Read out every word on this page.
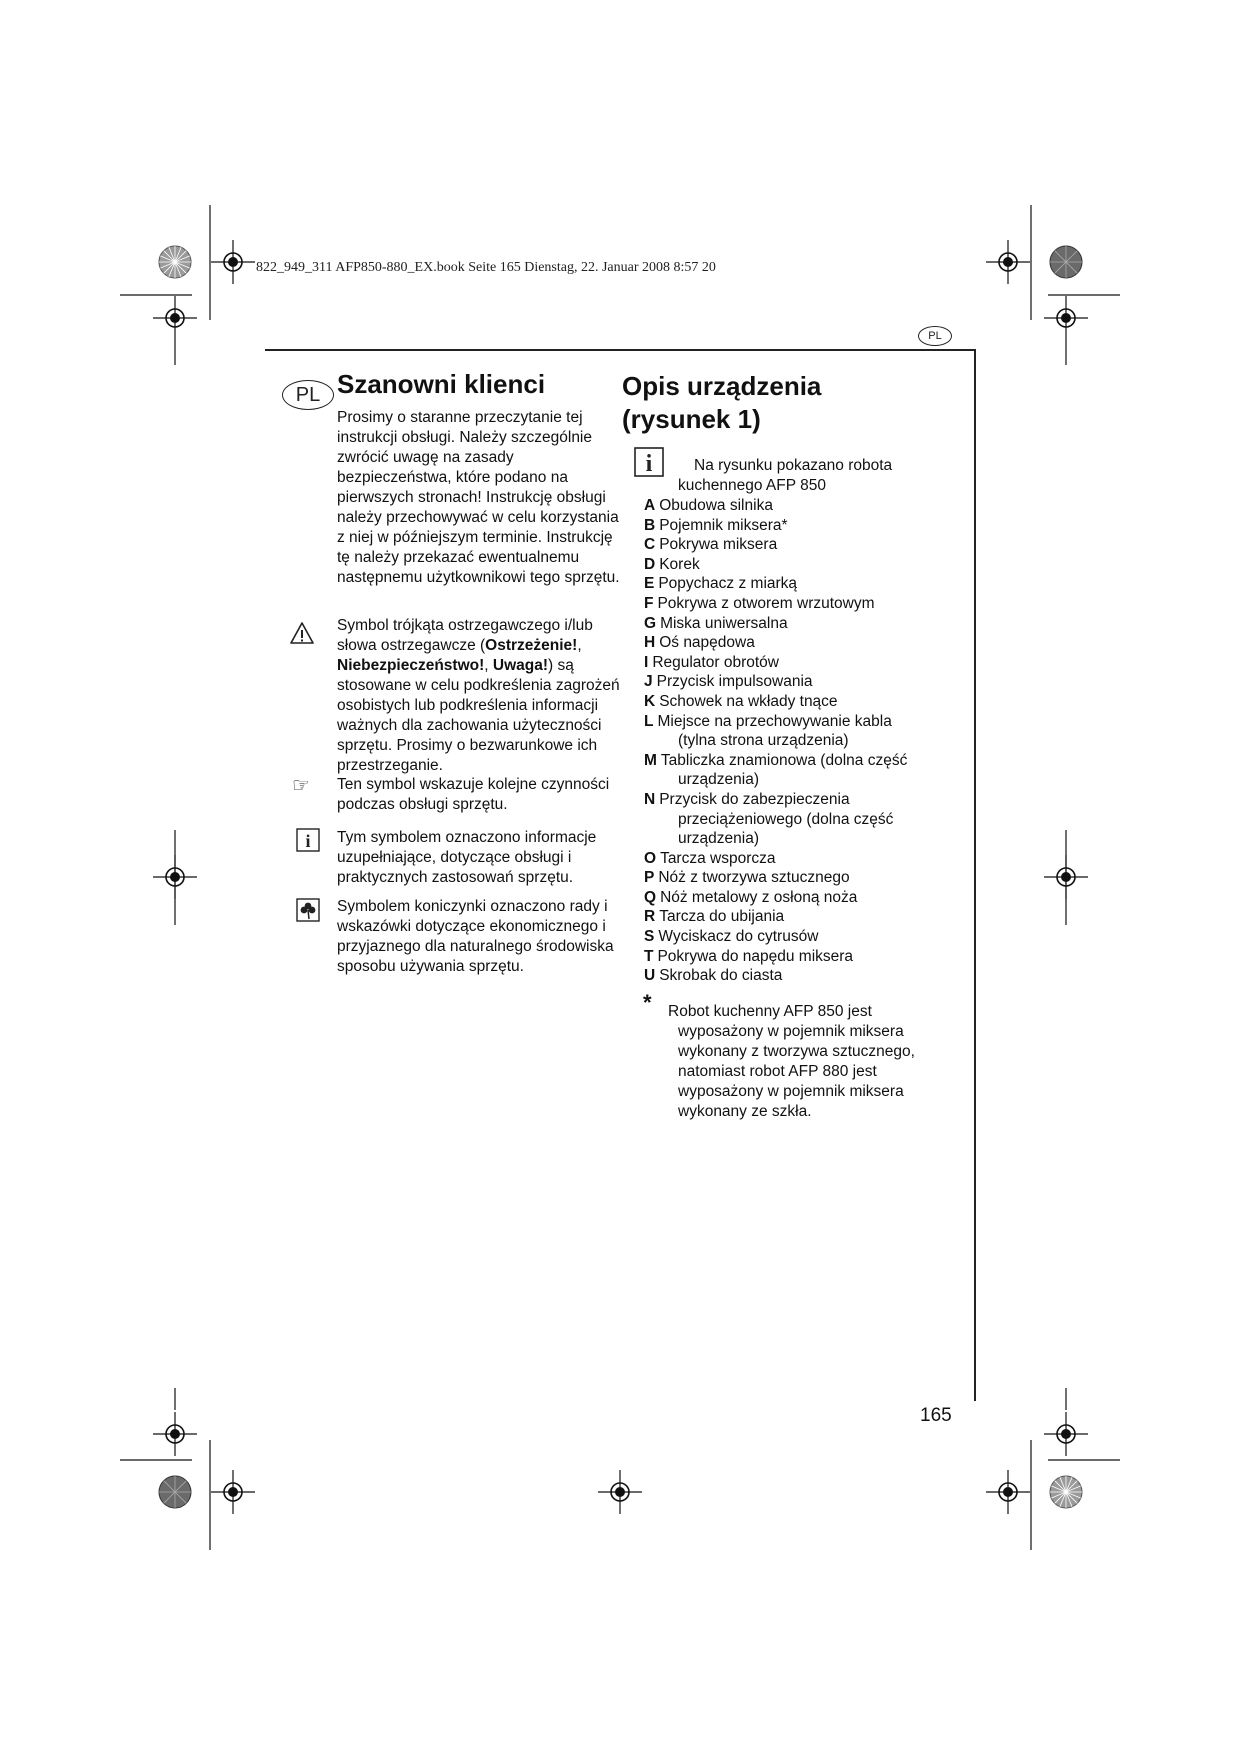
822_949_311 AFP850-880_EX.book Seite 165 Dienstag, 22. Januar 2008 8:57 20
PL
PL Szanowni klienci

Prosimy o staranne przeczytanie tej instrukcji obsługi. Należy szczególnie zwrócić uwagę na zasady bezpieczeństwa, które podano na pierwszych stronach! Instrukcję obsługi należy przechowywać w celu korzystania z niej w późniejszym terminie. Instrukcję tę należy przekazać ewentualnemu następnemu użytkownikowi tego sprzętu.

Symbol trójkąta ostrzegawczego i/lub słowa ostrzegawcze (Ostrzeżenie!, Niebezpieczeństwo!, Uwaga!) są stosowane w celu podkreślenia zagrożeń osobistych lub podkreślenia informacji ważnych dla zachowania użyteczności sprzętu. Prosimy o bezwarunkowe ich przestrzeganie.

☞ Ten symbol wskazuje kolejne czynności podczas obsługi sprzętu.

i Tym symbolem oznaczono informacje uzupełniające, dotyczące obsługi i praktycznych zastosowań sprzętu.

Symbolem koniczynki oznaczono rady i wskazówki dotyczące ekonomicznego i przyjaznego dla naturalnego środowiska sposobu używania sprzętu.

Opis urządzenia
(rysunek 1)
i	Na rysunku pokazano robota
kuchennego AFP 850
A Obudowa silnika
B Pojemnik miksera*
C Pokrywa miksera
D Korek
E Popychacz z miarką
F Pokrywa z otworem wrzutowym
G Miska uniwersalna
H Oś napędowa
I Regulator obrotów
J Przycisk impulsowania
K Schowek na wkłady tnące
L Miejsce na przechowywanie kabla (tylna strona urządzenia)
M Tabliczka znamionowa (dolna część urządzenia)
N Przycisk do zabezpieczenia przeciążeniowego (dolna część urządzenia)
O Tarcza wsporcza
P Nóż z tworzywa sztucznego
Q Nóż metalowy z osłoną noża
R Tarcza do ubijania
S Wyciskacz do cytrusów
T Pokrywa do napędu miksera
U Skrobak do ciasta
* Robot kuchenny AFP 850 jest wyposażony w pojemnik miksera wykonany z tworzywa sztucznego, natomiast robot AFP 880 jest wyposażony w pojemnik miksera wykonany ze szkła.

165
